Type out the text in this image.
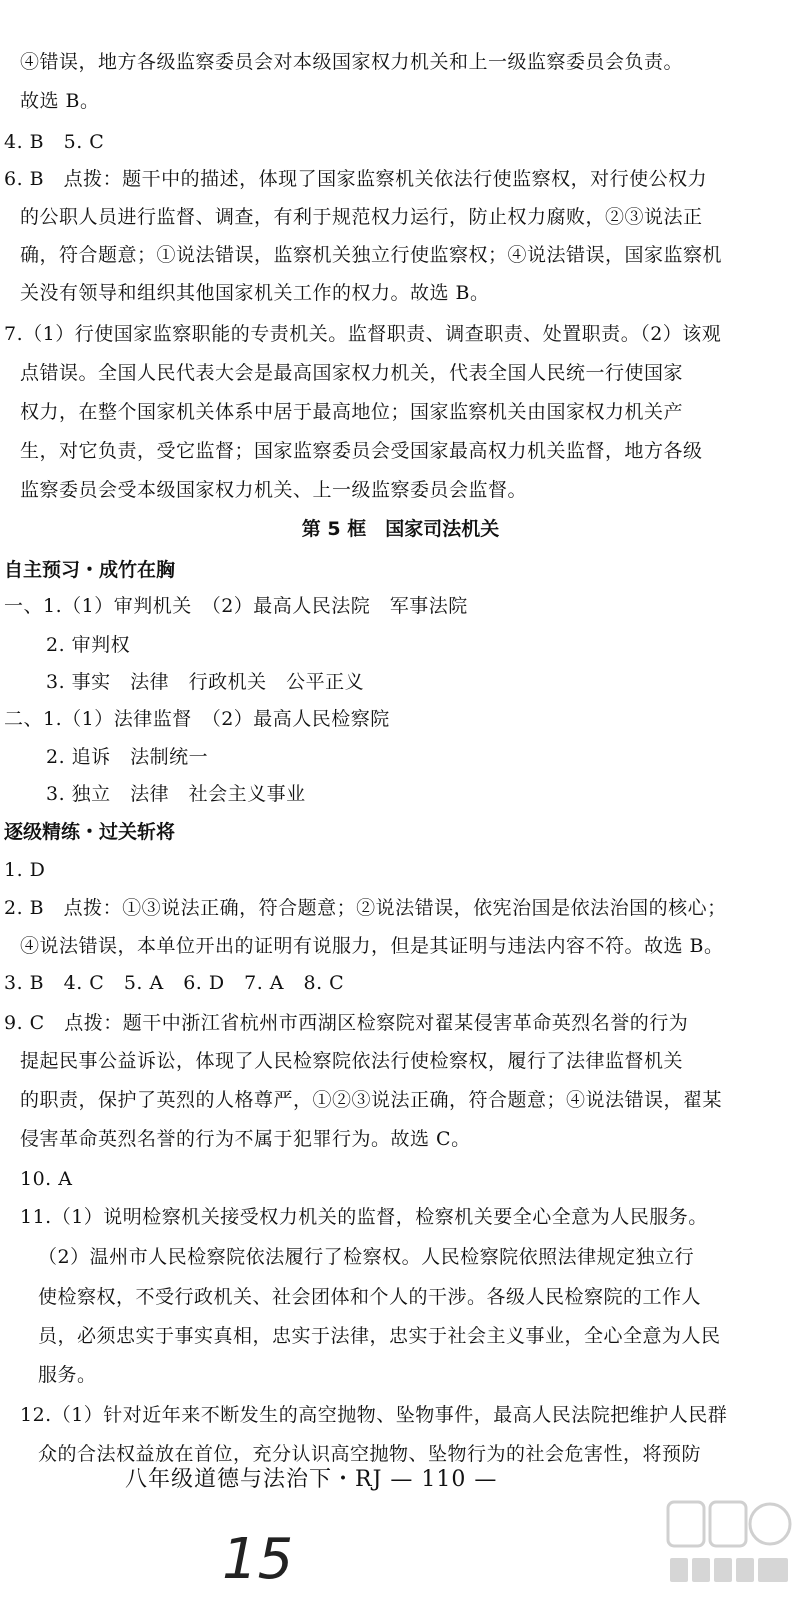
④错误，地方各级监察委员会对本级国家权力机关和上一级监察委员会负责。
故选 B。
4. B　5. C
6. B　点拨：题干中的描述，体现了国家监察机关依法行使监察权，对行使公权力
的公职人员进行监督、调查，有利于规范权力运行，防止权力腐败，②③说法正
确，符合题意；①说法错误，监察机关独立行使监察权；④说法错误，国家监察机
关没有领导和组织其他国家机关工作的权力。故选 B。
7.（1）行使国家监察职能的专责机关。监督职责、调查职责、处置职责。（2）该观
点错误。全国人民代表大会是最高国家权力机关，代表全国人民统一行使国家
权力，在整个国家机关体系中居于最高地位；国家监察机关由国家权力机关产
生，对它负责，受它监督；国家监察委员会受国家最高权力机关监督，地方各级
监察委员会受本级国家权力机关、上一级监察委员会监督。
第 5 框　国家司法机关
自主预习・成竹在胸
一、1.（1）审判机关　（2）最高人民法院　军事法院
2. 审判权
3. 事实　法律　行政机关　公平正义
二、1.（1）法律监督　（2）最高人民检察院
2. 追诉　法制统一
3. 独立　法律　社会主义事业
逐级精练・过关斩将
1. D
2. B　点拨：①③说法正确，符合题意；②说法错误，依宪治国是依法治国的核心；
④说法错误，本单位开出的证明有说服力，但是其证明与违法内容不符。故选 B。
3. B　4. C　5. A　6. D　7. A　8. C
9. C　点拨：题干中浙江省杭州市西湖区检察院对翟某侵害革命英烈名誉的行为
提起民事公益诉讼，体现了人民检察院依法行使检察权，履行了法律监督机关
的职责，保护了英烈的人格尊严，①②③说法正确，符合题意；④说法错误，翟某
侵害革命英烈名誉的行为不属于犯罪行为。故选 C。
10. A
11.（1）说明检察机关接受权力机关的监督，检察机关要全心全意为人民服务。
（2）温州市人民检察院依法履行了检察权。人民检察院依照法律规定独立行
使检察权，不受行政机关、社会团体和个人的干涉。各级人民检察院的工作人
员，必须忠实于事实真相，忠实于法律，忠实于社会主义事业，全心全意为人民
服务。
12.（1）针对近年来不断发生的高空抛物、坠物事件，最高人民法院把维护人民群
众的合法权益放在首位，充分认识高空抛物、坠物行为的社会危害性，将预防
八年级道德与法治下・RJ — 110 —
15
